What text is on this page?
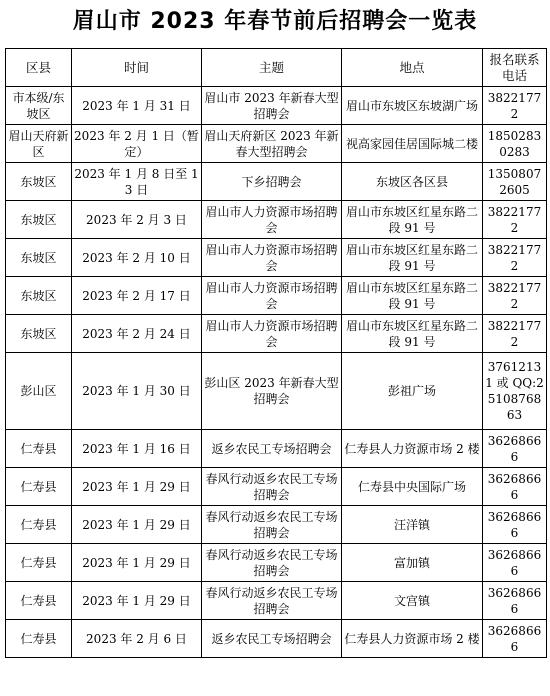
眉山市 2023 年春节前后招聘会一览表
区县	时间	主题	地点	报名联系电话
市本级/东坡区	2023 年 1 月 31 日	眉山市 2023 年新春大型招聘会	眉山市东坡区东坡湖广场	38221772
眉山天府新区	2023 年 2 月 1 日（暂定）	眉山天府新区 2023 年新春大型招聘会	视高家园佳居国际城二楼	18502830283
东坡区	2023 年 1 月 8 日至 13 日	下乡招聘会	东坡区各区县	13508072605
东坡区	2023 年 2 月 3 日	眉山市人力资源市场招聘会	眉山市东坡区红星东路二段 91 号	38221772
东坡区	2023 年 2 月 10 日	眉山市人力资源市场招聘会	眉山市东坡区红星东路二段 91 号	38221772
东坡区	2023 年 2 月 17 日	眉山市人力资源市场招聘会	眉山市东坡区红星东路二段 91 号	38221772
东坡区	2023 年 2 月 24 日	眉山市人力资源市场招聘会	眉山市东坡区红星东路二段 91 号	38221772
彭山区	2023 年 1 月 30 日	彭山区 2023 年新春大型招聘会	彭祖广场	37612131 或 QQ:2510876863
仁寿县	2023 年 1 月 16 日	返乡农民工专场招聘会	仁寿县人力资源市场 2 楼	36268666
仁寿县	2023 年 1 月 29 日	春风行动返乡农民工专场招聘会	仁寿县中央国际广场	36268666
仁寿县	2023 年 1 月 29 日	春风行动返乡农民工专场招聘会	汪洋镇	36268666
仁寿县	2023 年 1 月 29 日	春风行动返乡农民工专场招聘会	富加镇	36268666
仁寿县	2023 年 1 月 29 日	春风行动返乡农民工专场招聘会	文宫镇	36268666
仁寿县	2023 年 2 月 6 日	返乡农民工专场招聘会	仁寿县人力资源市场 2 楼	36268666
